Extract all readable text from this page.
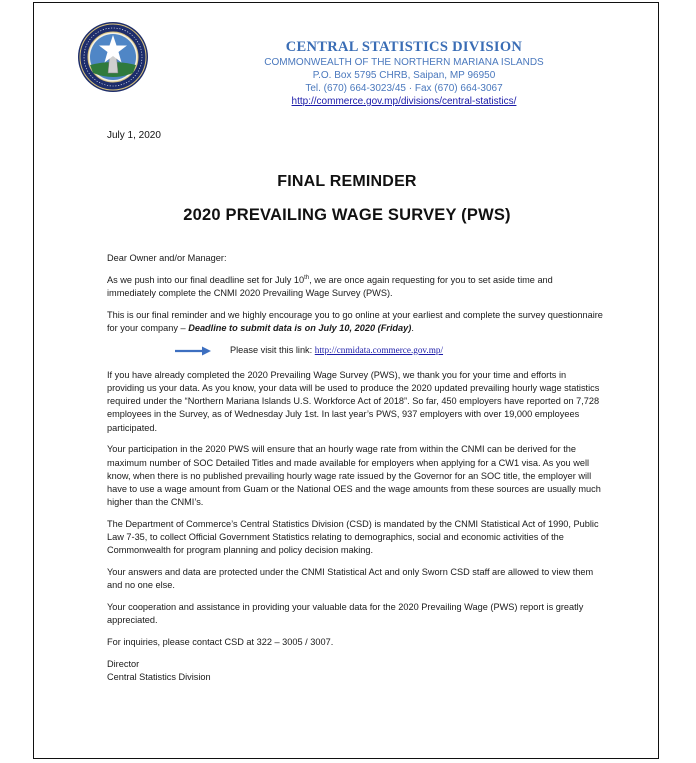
CENTRAL STATISTICS DIVISION

COMMONWEALTH OF THE NORTHERN MARIANA ISLANDS

P.O. Box 5795 CHRB, Saipan, MP 96950

Tel. (670) 664-3023/45 · Fax (670) 664-3067

http://commerce.gov.mp/divisions/central-statistics/

July 1, 2020
FINAL REMINDER
2020 PREVAILING WAGE SURVEY (PWS)

Dear Owner and/or Manager:

As we push into our final deadline set for July 10th, we are once again requesting for you to set aside time and immediately complete the CNMI 2020 Prevailing Wage Survey (PWS).

This is our final reminder and we highly encourage you to go online at your earliest and complete the survey questionnaire for your company – Deadline to submit data is on July 10, 2020 (Friday).

Please visit this link: http://cnmidata.commerce.gov.mp/

If you have already completed the 2020 Prevailing Wage Survey (PWS), we thank you for your time and efforts in providing us your data. As you know, your data will be used to produce the 2020 updated prevailing hourly wage statistics required under the “Northern Mariana Islands U.S. Workforce Act of 2018”. So far, 450 employers have reported on 7,728 employees in the Survey, as of Wednesday July 1st. In last year’s PWS, 937 employers with over 19,000 employees participated.

Your participation in the 2020 PWS will ensure that an hourly wage rate from within the CNMI can be derived for the maximum number of SOC Detailed Titles and made available for employers when applying for a CW1 visa. As you well know, when there is no published prevailing hourly wage rate issued by the Governor for an SOC title, the employer will have to use a wage amount from Guam or the National OES and the wage amounts from these sources are usually much higher than the CNMI’s.

The Department of Commerce’s Central Statistics Division (CSD) is mandated by the CNMI Statistical Act of 1990, Public Law 7-35, to collect Official Government Statistics relating to demographics, social and economic activities of the Commonwealth for program planning and policy decision making.

Your answers and data are protected under the CNMI Statistical Act and only Sworn CSD staff are allowed to view them and no one else.

Your cooperation and assistance in providing your valuable data for the 2020 Prevailing Wage (PWS) report is greatly appreciated.

For inquiries, please contact CSD at 322 – 3005 / 3007.

Director

Central Statistics Division
